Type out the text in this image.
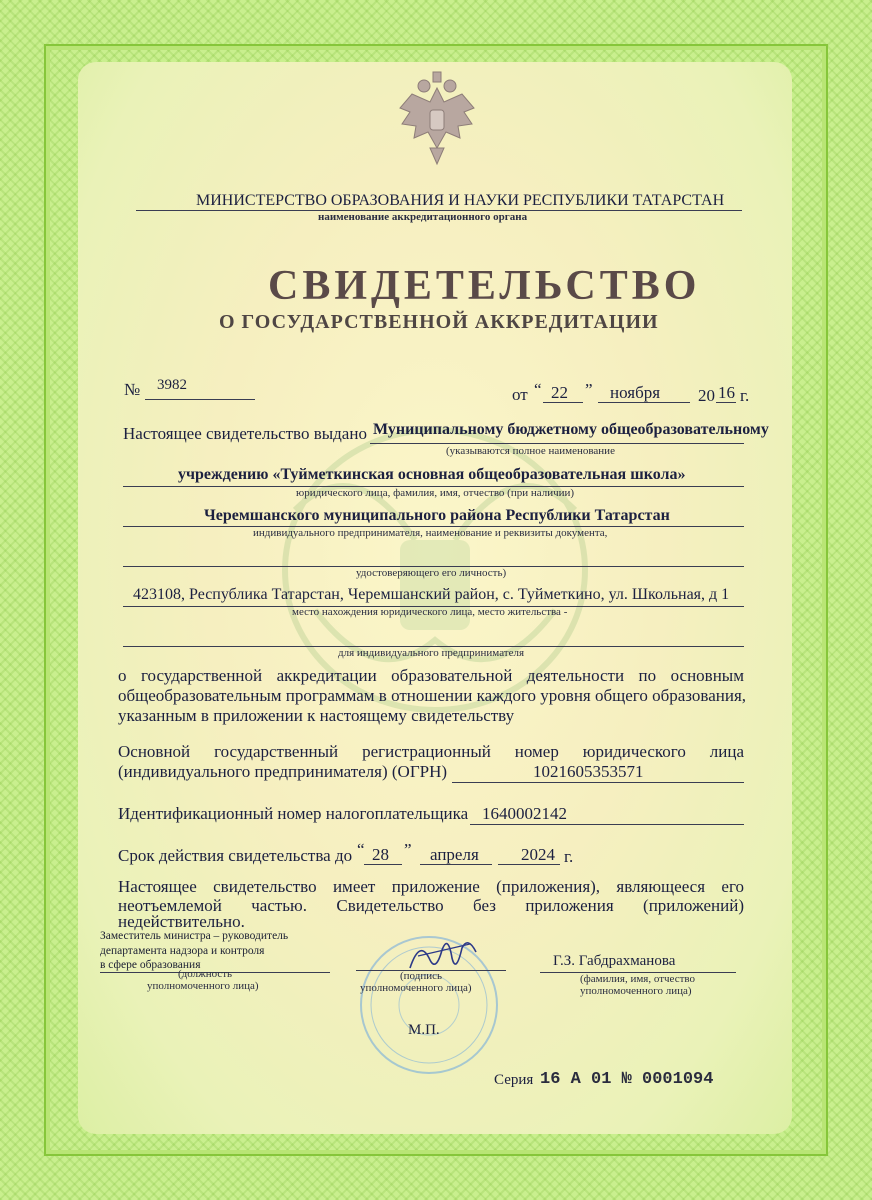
МИНИСТЕРСТВО ОБРАЗОВАНИЯ И НАУКИ РЕСПУБЛИКИ ТАТАРСТАН
наименование аккредитационного органа
СВИДЕТЕЛЬСТВО
О ГОСУДАРСТВЕННОЙ АККРЕДИТАЦИИ
№ 3982	от “ 22 ” ноября 20 16 г.
Настоящее свидетельство выдано Муниципальному бюджетному общеобразовательному
(указываются полное наименование
учреждению «Туйметкинская основная общеобразовательная школа»
юридического лица, фамилия, имя, отчество (при наличии)
Черемшанского муниципального района Республики Татарстан
индивидуального предпринимателя, наименование и реквизиты документа,
удостоверяющего его личность)
423108, Республика Татарстан, Черемшанский район, с. Туйметкино, ул. Школьная, д 1
место нахождения юридического лица, место жительства -
для индивидуального предпринимателя
о государственной аккредитации образовательной деятельности по основным
общеобразовательным программам в отношении каждого уровня общего образования,
указанным в приложении к настоящему свидетельству
Основной государственный регистрационный номер юридического лица
(индивидуального предпринимателя) (ОГРН)	1021605353571
Идентификационный номер налогоплательщика 1640002142
Срок действия свидетельства до “ 28 ” апреля 2024 г.
Настоящее свидетельство имеет приложение (приложения), являющееся его
неотъемлемой частью. Свидетельство без приложения (приложений)
недействительно.
Заместитель министра – руководитель
департамента надзора и контроля
в сфере образования
(должность
уполномоченного лица)
(подпись
уполномоченного лица)
Г.З. Габдрахманова
(фамилия, имя, отчество
уполномоченного лица)
М.П.
Серия 16 А 01 № 0001094
